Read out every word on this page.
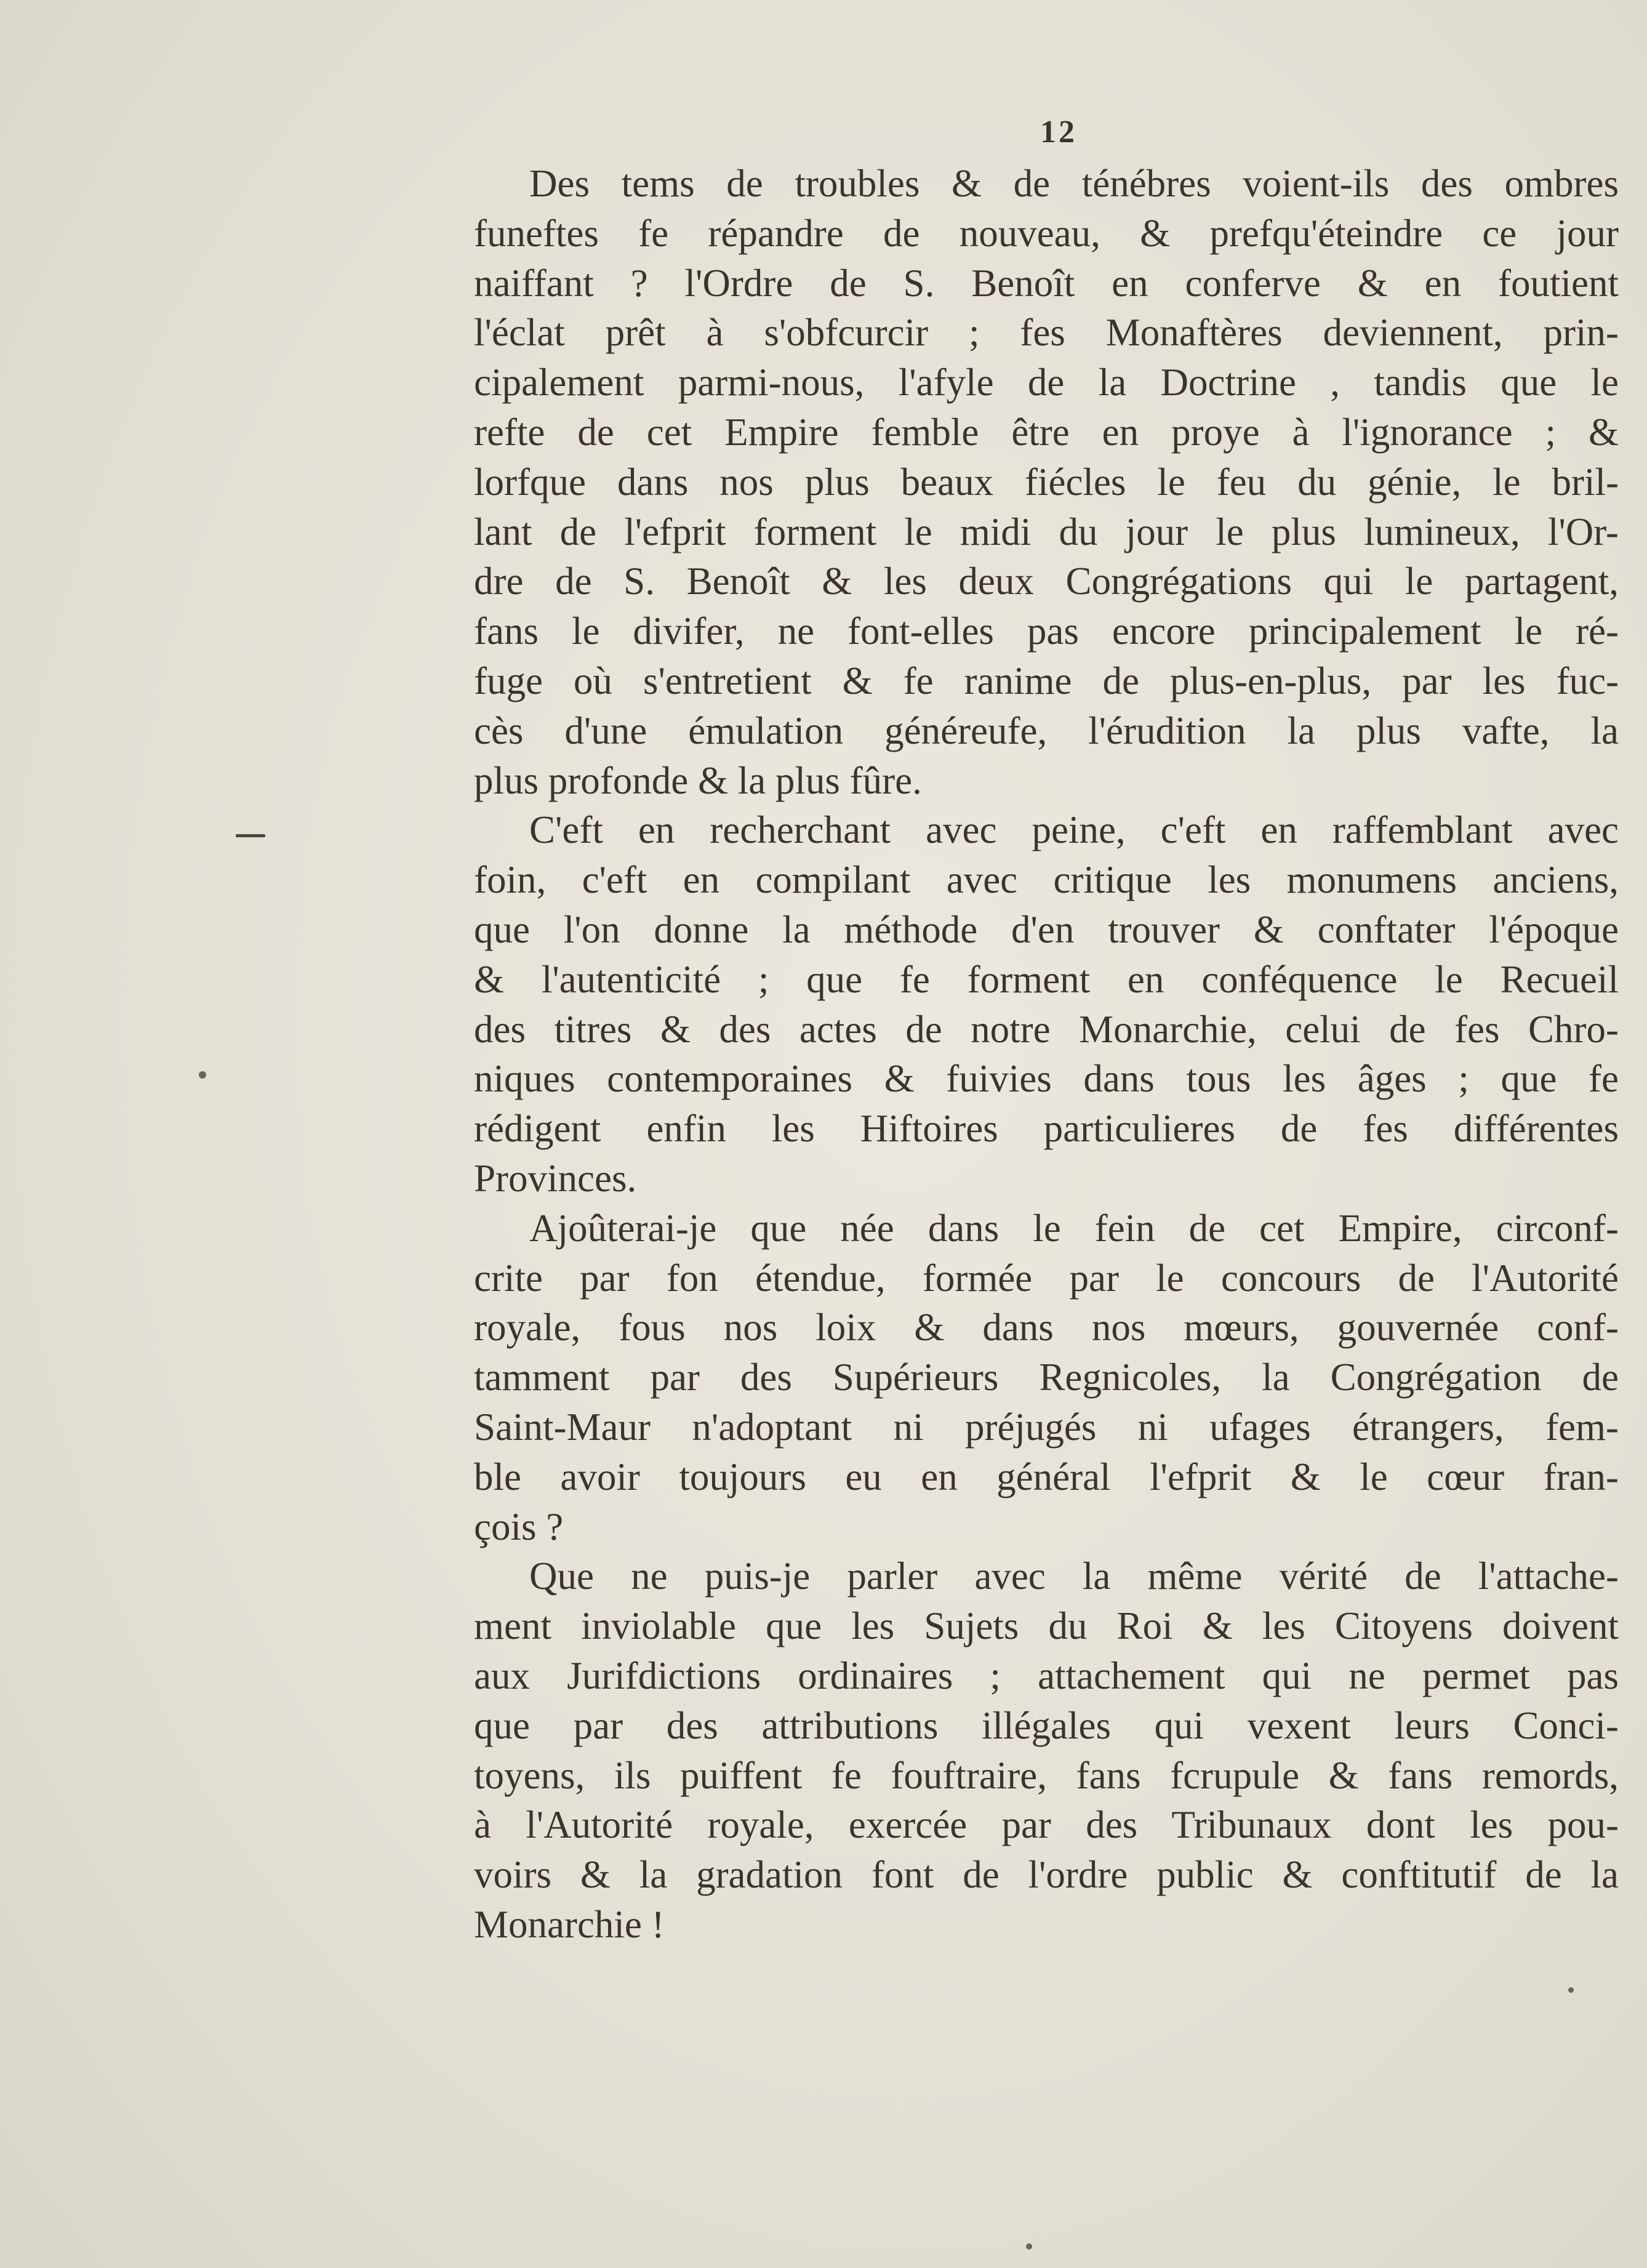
12
Des tems de troubles & de ténébres voient-ils des ombres
funeftes fe répandre de nouveau, & prefqu'éteindre ce jour
naiffant ? l'Ordre de S. Benoît en conferve & en foutient
l'éclat prêt à s'obfcurcir ; fes Monaftères deviennent, prin-
cipalement parmi-nous, l'afyle de la Doctrine , tandis que le
refte de cet Empire femble être en proye à l'ignorance ; &
lorfque dans nos plus beaux fiécles le feu du génie, le bril-
lant de l'efprit forment le midi du jour le plus lumineux, l'Or-
dre de S. Benoît & les deux Congrégations qui le partagent,
fans le divifer, ne font-elles pas encore principalement le ré-
fuge où s'entretient & fe ranime de plus-en-plus, par les fuc-
cès d'une émulation généreufe, l'érudition la plus vafte, la
plus profonde & la plus fûre.
C'eft en recherchant avec peine, c'eft en raffemblant avec
foin, c'eft en compilant avec critique les monumens anciens,
que l'on donne la méthode d'en trouver & conftater l'époque
& l'autenticité ; que fe forment en conféquence le Recueil
des titres & des actes de notre Monarchie, celui de fes Chro-
niques contemporaines & fuivies dans tous les âges ; que fe
rédigent enfin les Hiftoires particulieres de fes différentes
Provinces.
Ajoûterai-je que née dans le fein de cet Empire, circonf-
crite par fon étendue, formée par le concours de l'Autorité
royale, fous nos loix & dans nos mœurs, gouvernée conf-
tamment par des Supérieurs Regnicoles, la Congrégation de
Saint-Maur n'adoptant ni préjugés ni ufages étrangers, fem-
ble avoir toujours eu en général l'efprit & le cœur fran-
çois ?
Que ne puis-je parler avec la même vérité de l'attache-
ment inviolable que les Sujets du Roi & les Citoyens doivent
aux Jurifdictions ordinaires ; attachement qui ne permet pas
que par des attributions illégales qui vexent leurs Conci-
toyens, ils puiffent fe fouftraire, fans fcrupule & fans remords,
à l'Autorité royale, exercée par des Tribunaux dont les pou-
voirs & la gradation font de l'ordre public & conftitutif de la
Monarchie !
